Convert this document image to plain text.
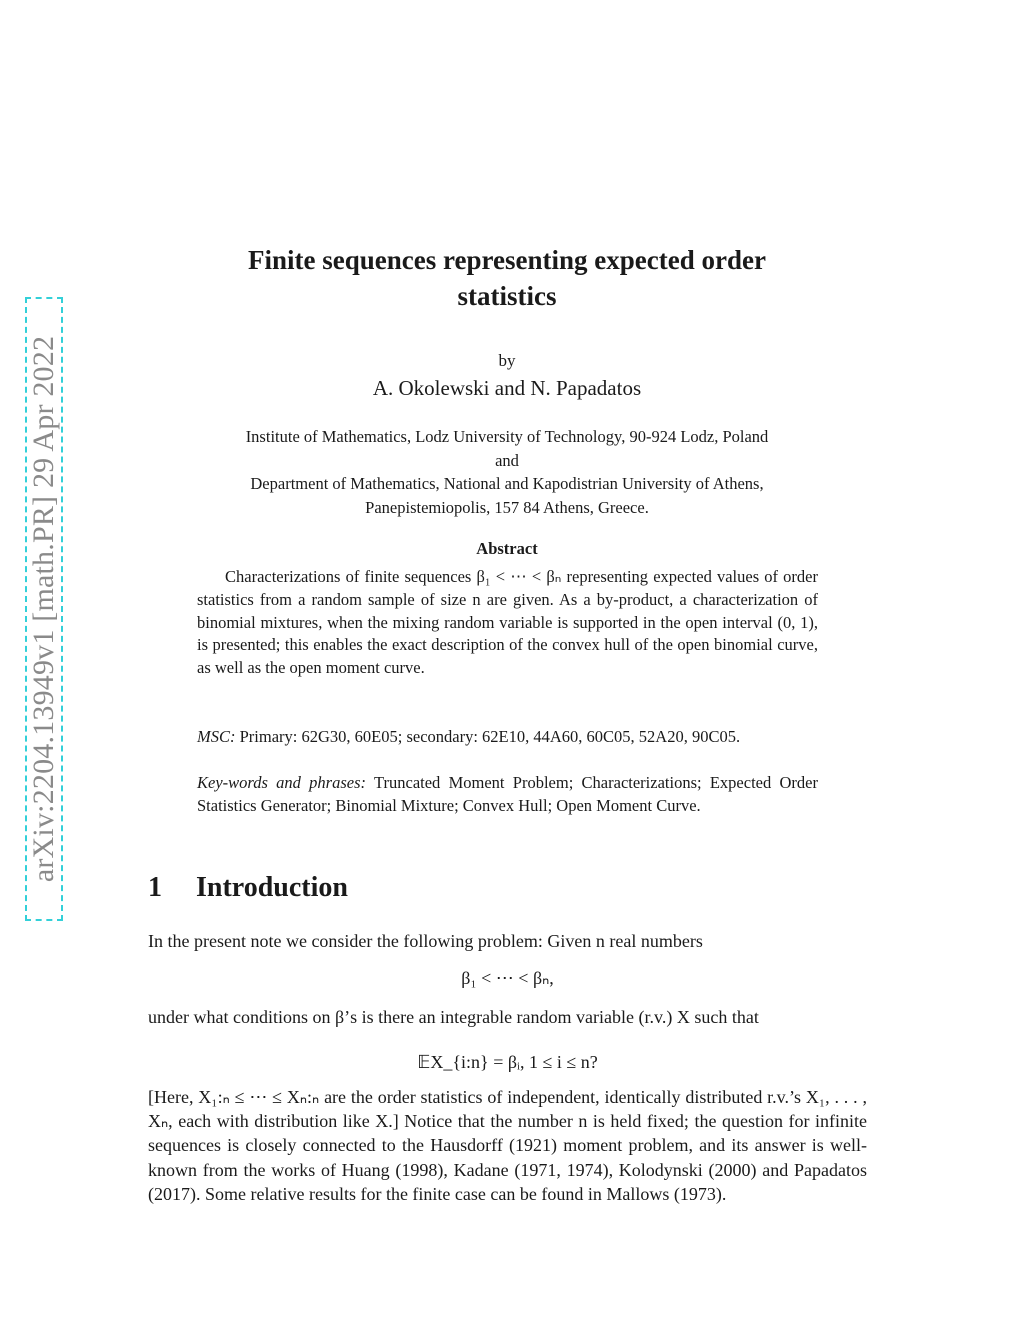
arXiv:2204.13949v1 [math.PR] 29 Apr 2022
Finite sequences representing expected order
statistics
by
A. Okolewski and N. Papadatos
Institute of Mathematics, Lodz University of Technology, 90-924 Lodz, Poland
and
Department of Mathematics, National and Kapodistrian University of Athens,
Panepistemiopolis, 157 84 Athens, Greece.
Abstract
Characterizations of finite sequences β₁ < ⋯ < βₙ representing expected values of order statistics from a random sample of size n are given. As a by-product, a characterization of binomial mixtures, when the mixing random variable is supported in the open interval (0, 1), is presented; this enables the exact description of the convex hull of the open binomial curve, as well as the open moment curve.
MSC: Primary: 62G30, 60E05; secondary: 62E10, 44A60, 60C05, 52A20, 90C05.
Key-words and phrases: Truncated Moment Problem; Characterizations; Expected Order Statistics Generator; Binomial Mixture; Convex Hull; Open Moment Curve.
1 Introduction
In the present note we consider the following problem: Given n real numbers
β₁ < ⋯ < βₙ,
under what conditions on β’s is there an integrable random variable (r.v.) X such that
𝔼X_{i:n} = βᵢ, 1 ≤ i ≤ n?
[Here, X₁:ₙ ≤ ⋯ ≤ Xₙ:ₙ are the order statistics of independent, identically distributed r.v.’s X₁, . . . , Xₙ, each with distribution like X.] Notice that the number n is held fixed; the question for infinite sequences is closely connected to the Hausdorff (1921) moment problem, and its answer is well-known from the works of Huang (1998), Kadane (1971, 1974), Kolodynski (2000) and Papadatos (2017). Some relative results for the finite case can be found in Mallows (1973).
